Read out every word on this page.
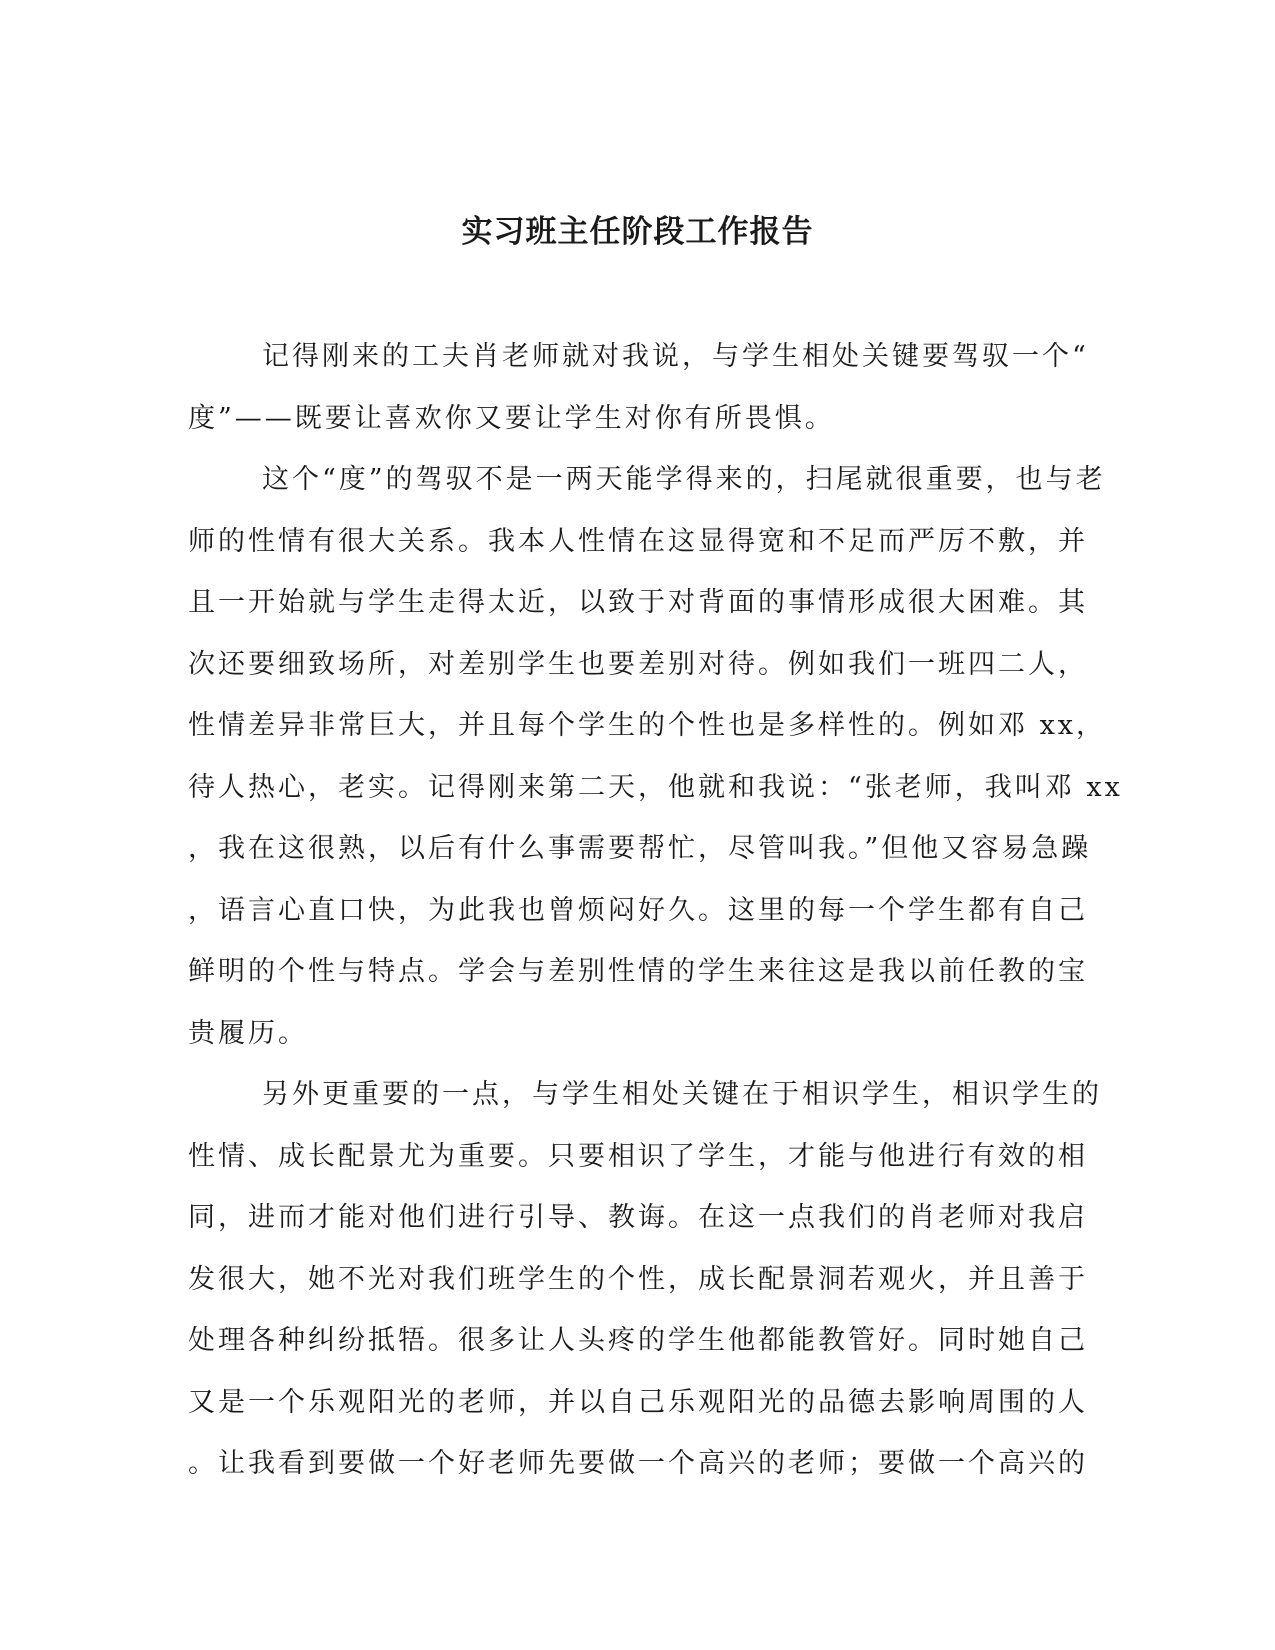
实习班主任阶段工作报告
记得刚来的工夫肖老师就对我说，与学生相处关键要驾驭一个“
度”——既要让喜欢你又要让学生对你有所畏惧。
这个“度”的驾驭不是一两天能学得来的，扫尾就很重要，也与老
师的性情有很大关系。我本人性情在这显得宽和不足而严厉不敷，并
且一开始就与学生走得太近，以致于对背面的事情形成很大困难。其
次还要细致场所，对差别学生也要差别对待。例如我们一班四二人，
性情差异非常巨大，并且每个学生的个性也是多样性的。例如邓 xx，
待人热心，老实。记得刚来第二天，他就和我说：“张老师，我叫邓 xx
，我在这很熟，以后有什么事需要帮忙，尽管叫我。”但他又容易急躁
，语言心直口快，为此我也曾烦闷好久。这里的每一个学生都有自己
鲜明的个性与特点。学会与差别性情的学生来往这是我以前任教的宝
贵履历。
另外更重要的一点，与学生相处关键在于相识学生，相识学生的
性情、成长配景尤为重要。只要相识了学生，才能与他进行有效的相
同，进而才能对他们进行引导、教诲。在这一点我们的肖老师对我启
发很大，她不光对我们班学生的个性，成长配景洞若观火，并且善于
处理各种纠纷抵牾。很多让人头疼的学生他都能教管好。同时她自己
又是一个乐观阳光的老师，并以自己乐观阳光的品德去影响周围的人
。让我看到要做一个好老师先要做一个高兴的老师；要做一个高兴的
